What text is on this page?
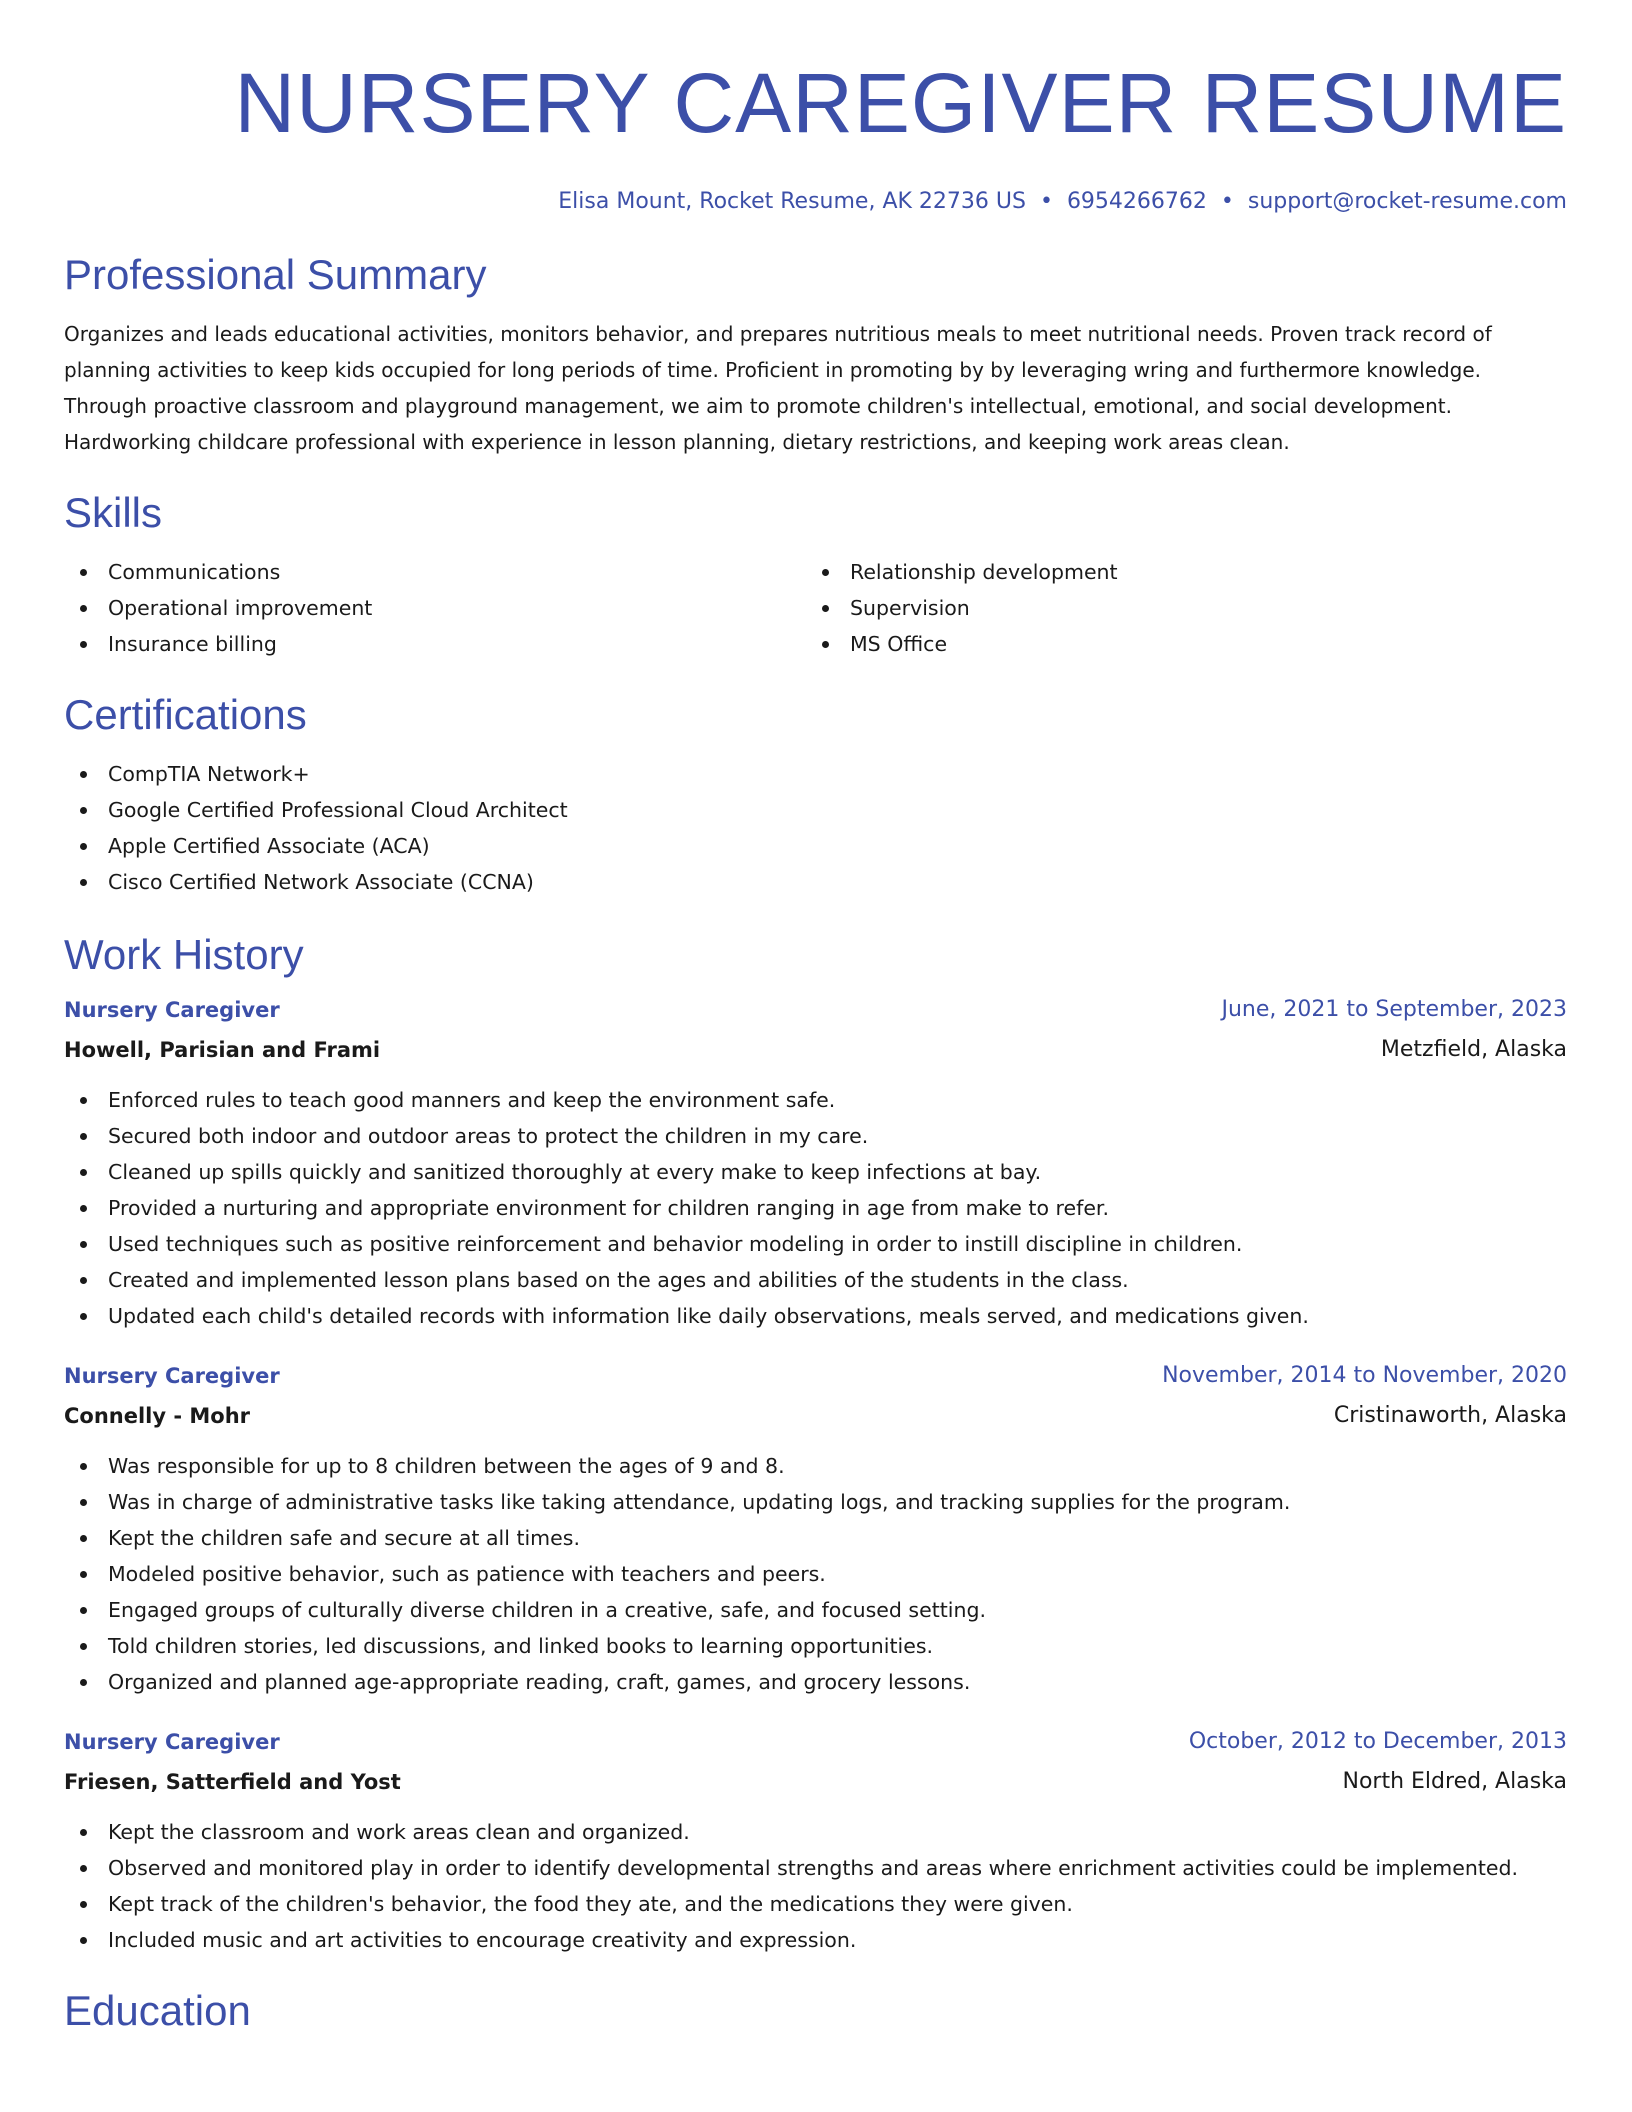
NURSERY CAREGIVER RESUME
Elisa Mount, Rocket Resume, AK 22736 US • 6954266762 • support@rocket-resume.com
Professional Summary

Organizes and leads educational activities, monitors behavior, and prepares nutritious meals to meet nutritional needs. Proven track record of planning activities to keep kids occupied for long periods of time. Proficient in promoting by by leveraging wring and furthermore knowledge. Through proactive classroom and playground management, we aim to promote children's intellectual, emotional, and social development. Hardworking childcare professional with experience in lesson planning, dietary restrictions, and keeping work areas clean.

Skills
Communications
Operational improvement
Insurance billing
Relationship development
Supervision
MS Office
Certifications
CompTIA Network+
Google Certified Professional Cloud Architect
Apple Certified Associate (ACA)
Cisco Certified Network Associate (CCNA)
Work History
Nursery Caregiver	June, 2021 to September, 2023
Howell, Parisian and Frami	Metzfield, Alaska
Enforced rules to teach good manners and keep the environment safe.
Secured both indoor and outdoor areas to protect the children in my care.
Cleaned up spills quickly and sanitized thoroughly at every make to keep infections at bay.
Provided a nurturing and appropriate environment for children ranging in age from make to refer.
Used techniques such as positive reinforcement and behavior modeling in order to instill discipline in children.
Created and implemented lesson plans based on the ages and abilities of the students in the class.
Updated each child's detailed records with information like daily observations, meals served, and medications given.
Nursery Caregiver	November, 2014 to November, 2020
Connelly - Mohr	Cristinaworth, Alaska
Was responsible for up to 8 children between the ages of 9 and 8.
Was in charge of administrative tasks like taking attendance, updating logs, and tracking supplies for the program.
Kept the children safe and secure at all times.
Modeled positive behavior, such as patience with teachers and peers.
Engaged groups of culturally diverse children in a creative, safe, and focused setting.
Told children stories, led discussions, and linked books to learning opportunities.
Organized and planned age-appropriate reading, craft, games, and grocery lessons.
Nursery Caregiver	October, 2012 to December, 2013
Friesen, Satterfield and Yost	North Eldred, Alaska
Kept the classroom and work areas clean and organized.
Observed and monitored play in order to identify developmental strengths and areas where enrichment activities could be implemented.
Kept track of the children's behavior, the food they ate, and the medications they were given.
Included music and art activities to encourage creativity and expression.
Education
